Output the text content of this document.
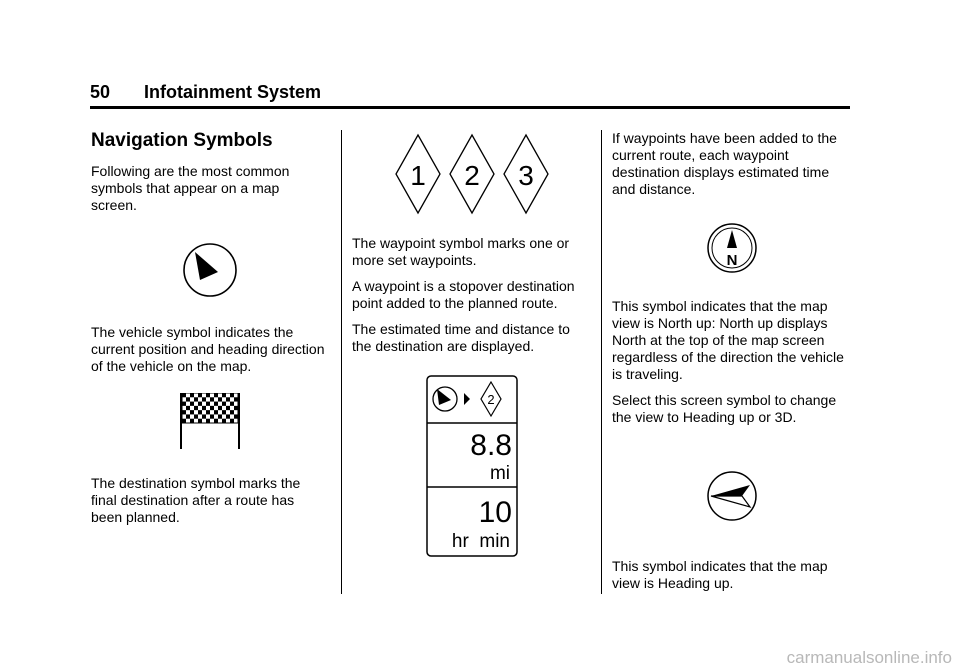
50	Infotainment System
Navigation Symbols

Following are the most common symbols that appear on a map screen.

The vehicle symbol indicates the current position and heading direction of the vehicle on the map.

The destination symbol marks the final destination after a route has been planned.

1 2 3

The waypoint symbol marks one or more set waypoints.

A waypoint is a stopover destination point added to the planned route.

The estimated time and distance to the destination are displayed.

2
8.8
mi
10
hr  min

If waypoints have been added to the current route, each waypoint destination displays estimated time and distance.

N

This symbol indicates that the map view is North up: North up displays North at the top of the map screen regardless of the direction the vehicle is traveling.

Select this screen symbol to change the view to Heading up or 3D.

This symbol indicates that the map view is Heading up.

carmanualsonline.info
